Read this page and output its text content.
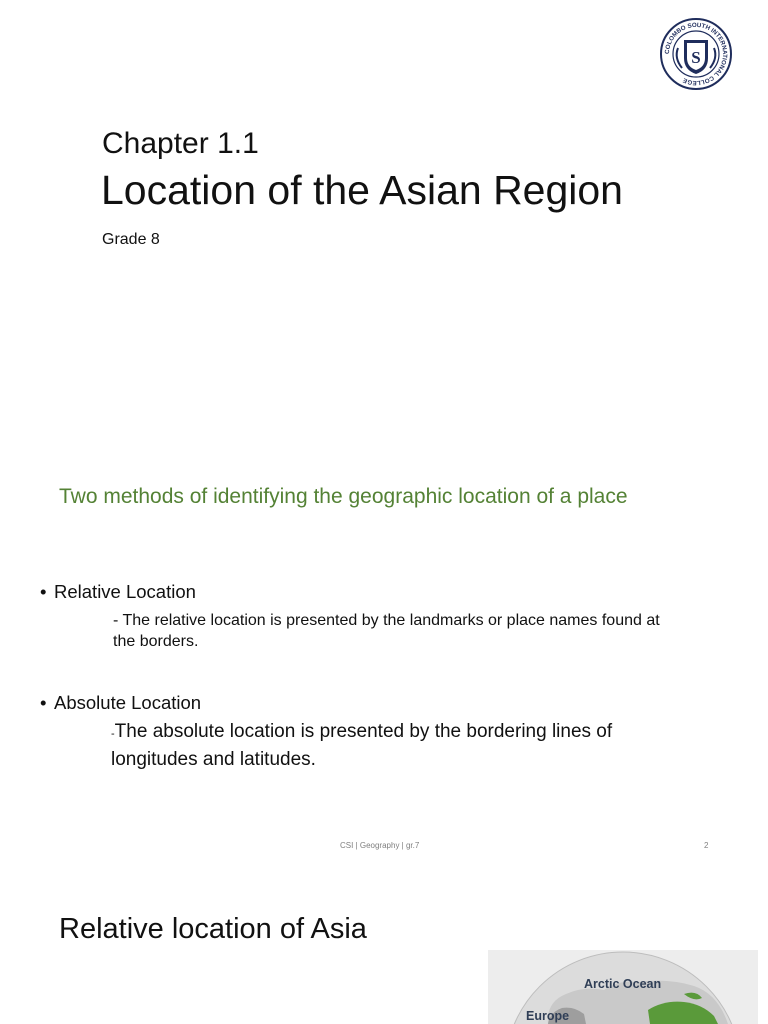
COLOMBO SOUTH INTERNATIONAL COLLEGE
S
Chapter 1.1
Location of the Asian Region
Grade 8
Two methods of identifying the geographic location of a place
• Relative Location
- The relative location is presented by the landmarks or place names found at the borders.
• Absolute Location
-The absolute location is presented by the bordering lines of longitudes and latitudes.
CSI | Geography | gr.7	2
Relative location of Asia
Arctic Ocean
Europe
